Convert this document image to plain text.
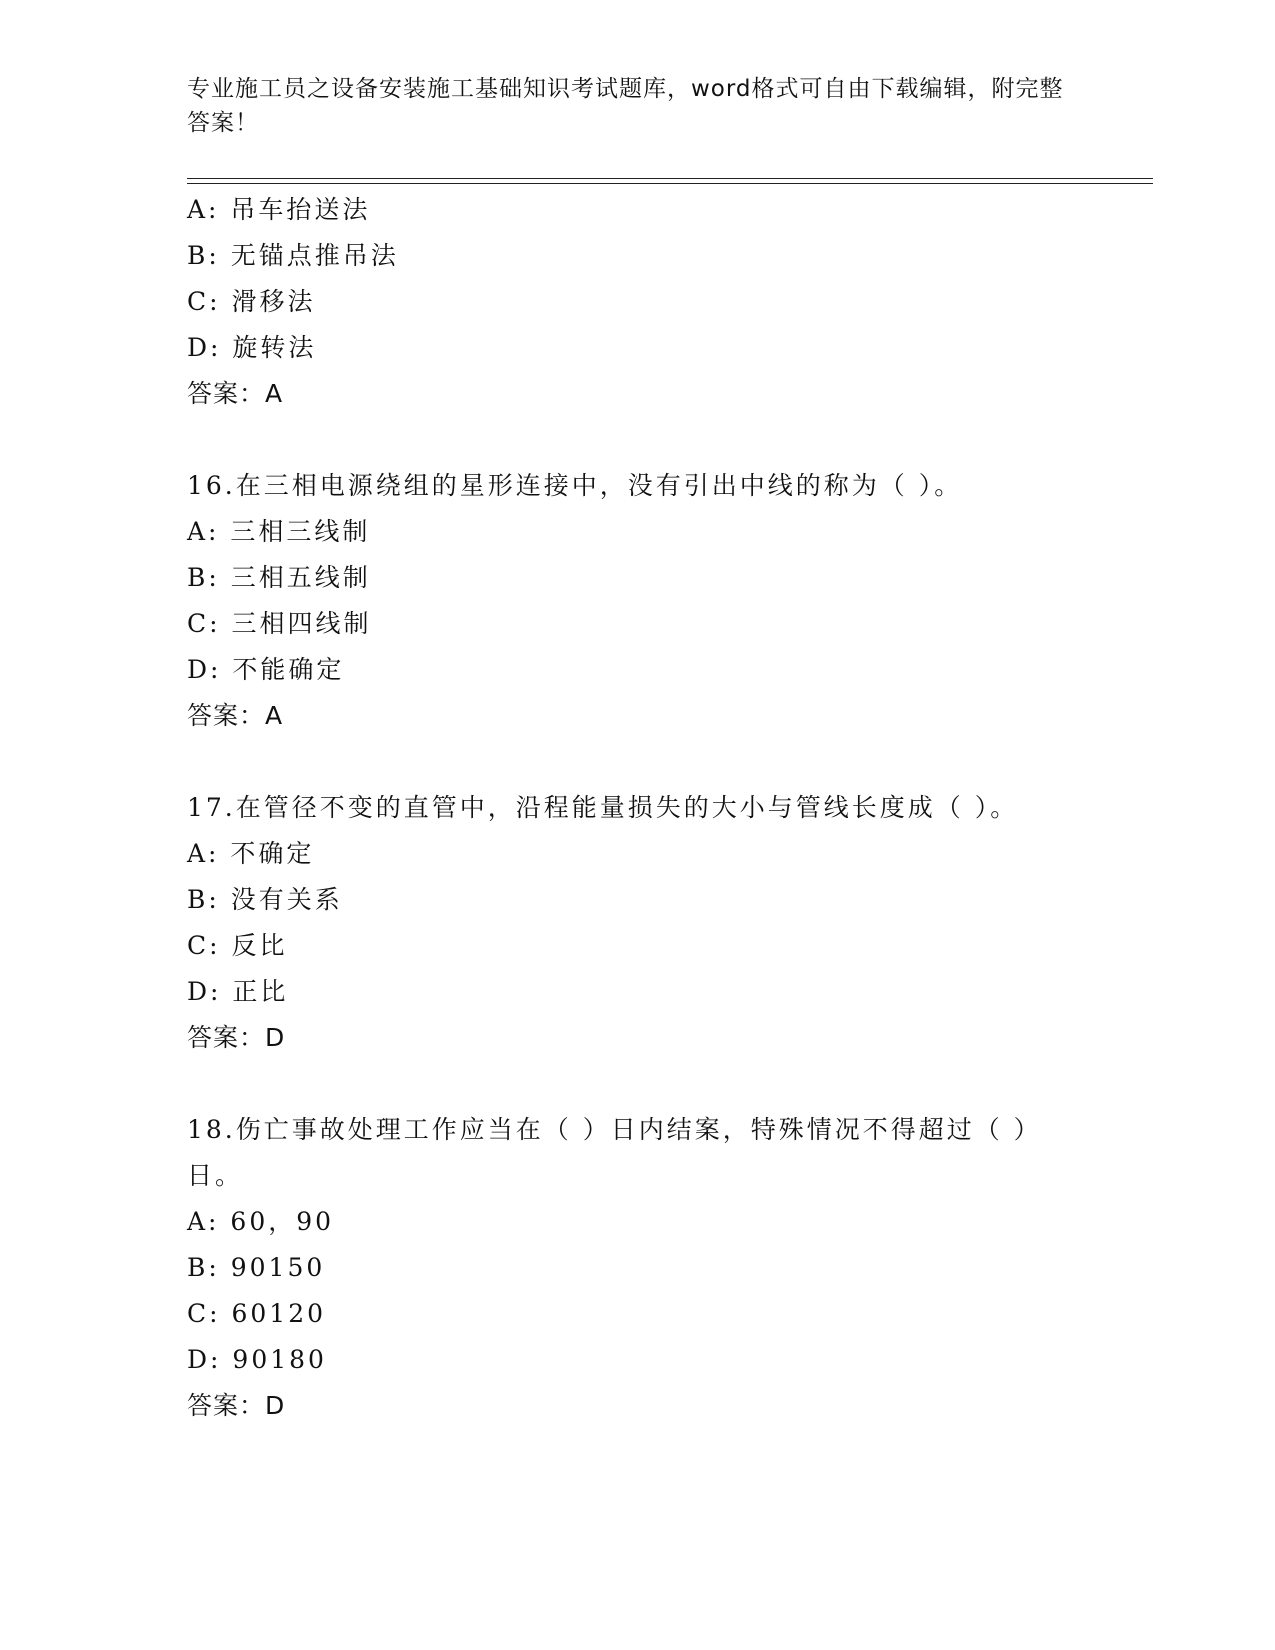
专业施工员之设备安装施工基础知识考试题库，word格式可自由下载编辑，附完整答案！
A: 吊车抬送法
B: 无锚点推吊法
C: 滑移法
D: 旋转法
答案：A
16.在三相电源绕组的星形连接中，没有引出中线的称为（ ）。
A: 三相三线制
B: 三相五线制
C: 三相四线制
D: 不能确定
答案：A
17.在管径不变的直管中，沿程能量损失的大小与管线长度成（ ）。
A: 不确定
B: 没有关系
C: 反比
D: 正比
答案：D
18.伤亡事故处理工作应当在（ ）日内结案，特殊情况不得超过（ ）日。
A: 60，90
B: 90150
C: 60120
D: 90180
答案：D
